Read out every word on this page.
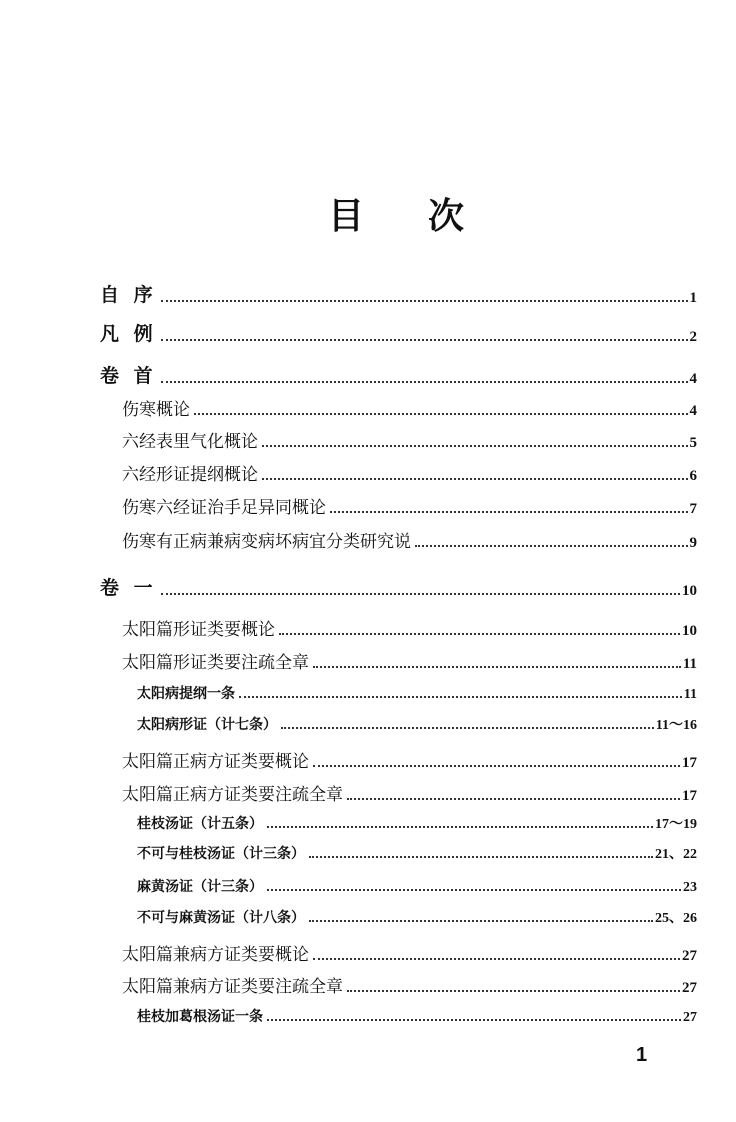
目 次
自 序	1
凡 例	2
卷 首	4
伤寒概论	4
六经表里气化概论	5
六经形证提纲概论	6
伤寒六经证治手足异同概论	7
伤寒有正病兼病变病坏病宜分类研究说	9
卷 一	10
太阳篇形证类要概论	10
太阳篇形证类要注疏全章	11
太阳病提纲一条	11
太阳病形证（计七条）	11～16
太阳篇正病方证类要概论	17
太阳篇正病方证类要注疏全章	17
桂枝汤证（计五条）	17～19
不可与桂枝汤证（计三条）	21、22
麻黄汤证（计三条）	23
不可与麻黄汤证（计八条）	25、26
太阳篇兼病方证类要概论	27
太阳篇兼病方证类要注疏全章	27
桂枝加葛根汤证一条	27
1
